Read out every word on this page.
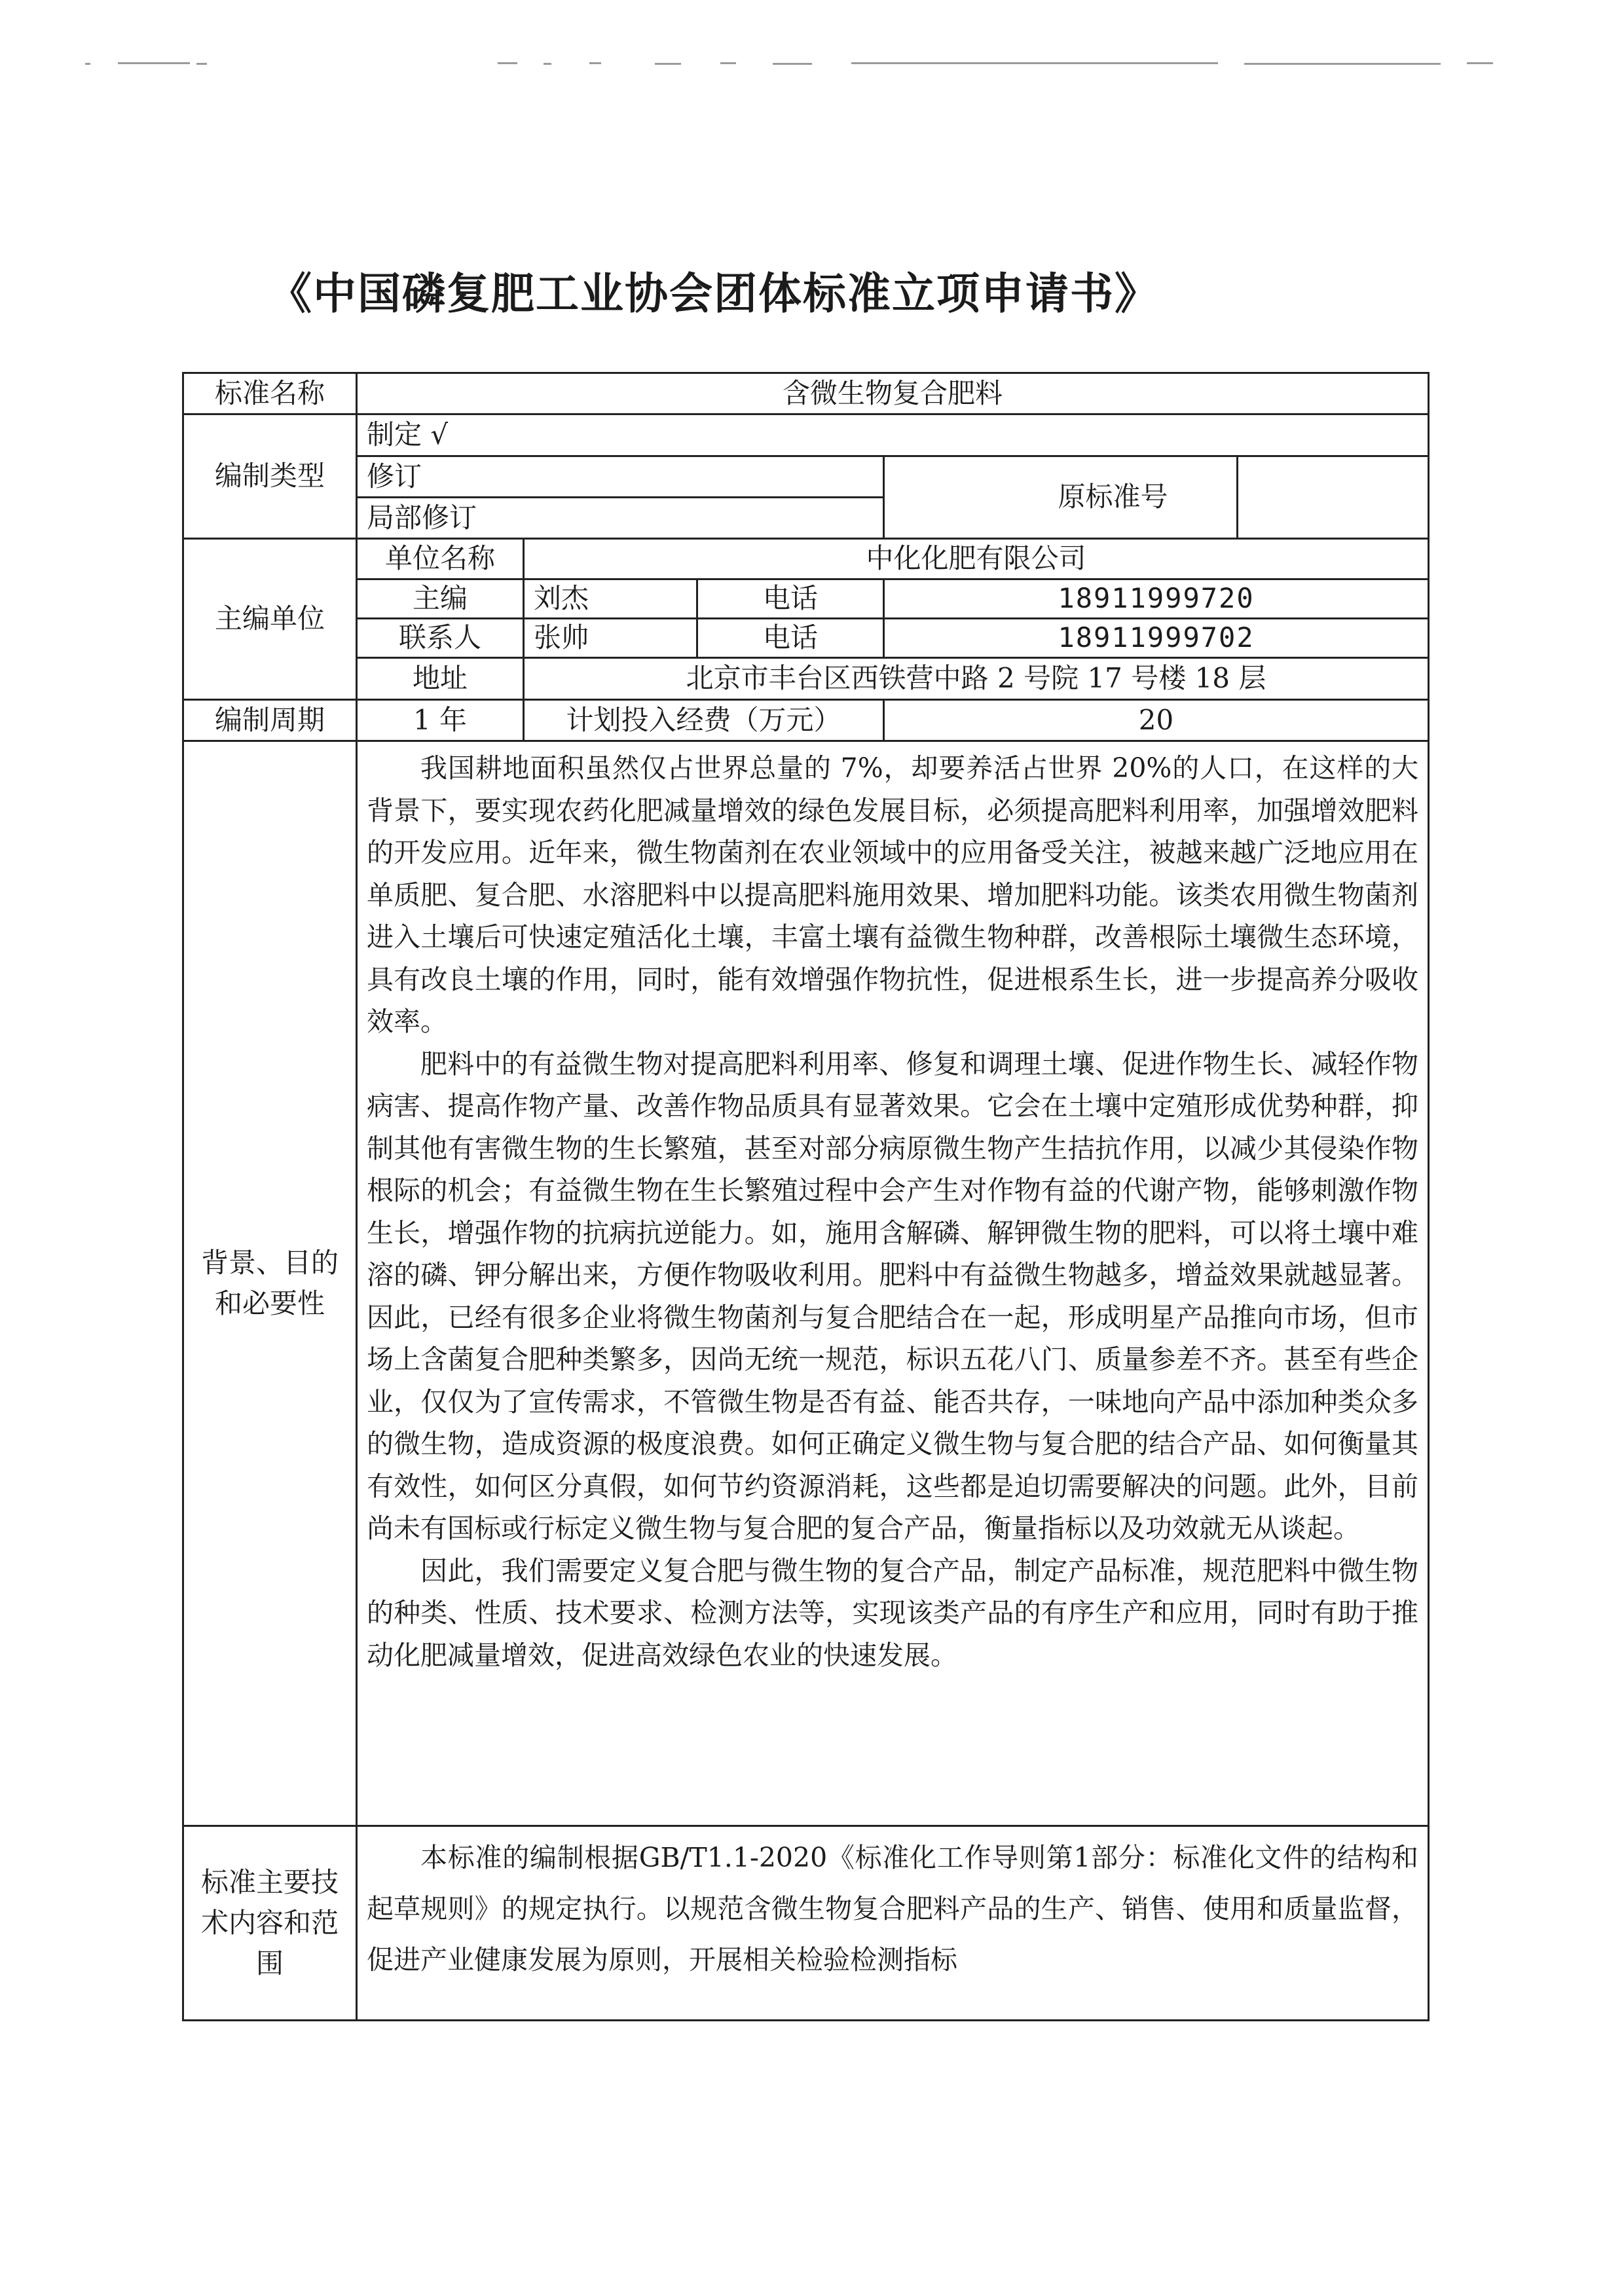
《中国磷复肥工业协会团体标准立项申请书》
标准名称	含微生物复合肥料				
编制类型	制定 √				
	修订			原标准号	
	局部修订				
主编单位	单位名称	中化化肥有限公司			
	主编	刘杰	电话	18911999720	
	联系人	张帅	电话	18911999702	
	地址	北京市丰台区西铁营中路 2 号院 17 号楼 18 层			
编制周期	1 年	计划投入经费（万元）		20	
背景、目的和必要性	我国耕地面积虽然仅占世界总量的 7%，却要养活占世界 20%的人口，在这样的大背景下，要实现农药化肥减量增效的绿色发展目标，必须提高肥料利用率，加强增效肥料的开发应用。近年来，微生物菌剂在农业领域中的应用备受关注，被越来越广泛地应用在单质肥、复合肥、水溶肥料中以提高肥料施用效果、增加肥料功能。该类农用微生物菌剂进入土壤后可快速定殖活化土壤，丰富土壤有益微生物种群，改善根际土壤微生态环境，具有改良土壤的作用，同时，能有效增强作物抗性，促进根系生长，进一步提高养分吸收效率。

肥料中的有益微生物对提高肥料利用率、修复和调理土壤、促进作物生长、减轻作物病害、提高作物产量、改善作物品质具有显著效果。它会在土壤中定殖形成优势种群，抑制其他有害微生物的生长繁殖，甚至对部分病原微生物产生拮抗作用，以减少其侵染作物根际的机会；有益微生物在生长繁殖过程中会产生对作物有益的代谢产物，能够刺激作物生长，增强作物的抗病抗逆能力。如，施用含解磷、解钾微生物的肥料，可以将土壤中难溶的磷、钾分解出来，方便作物吸收利用。肥料中有益微生物越多，增益效果就越显著。因此，已经有很多企业将微生物菌剂与复合肥结合在一起，形成明星产品推向市场，但市场上含菌复合肥种类繁多，因尚无统一规范，标识五花八门、质量参差不齐。甚至有些企业，仅仅为了宣传需求，不管微生物是否有益、能否共存，一味地向产品中添加种类众多的微生物，造成资源的极度浪费。如何正确定义微生物与复合肥的结合产品、如何衡量其有效性，如何区分真假，如何节约资源消耗，这些都是迫切需要解决的问题。此外，目前尚未有国标或行标定义微生物与复合肥的复合产品，衡量指标以及功效就无从谈起。

因此，我们需要定义复合肥与微生物的复合产品，制定产品标准，规范肥料中微生物的种类、性质、技术要求、检测方法等，实现该类产品的有序生产和应用，同时有助于推动化肥减量增效，促进高效绿色农业的快速发展。				

标准主要技术内容和范围	本标准的编制根据GB/T1.1-2020《标准化工作导则第1部分：标准化文件的结构和起草规则》的规定执行。以规范含微生物复合肥料产品的生产、销售、使用和质量监督，促进产业健康发展为原则，开展相关检验检测指标				
